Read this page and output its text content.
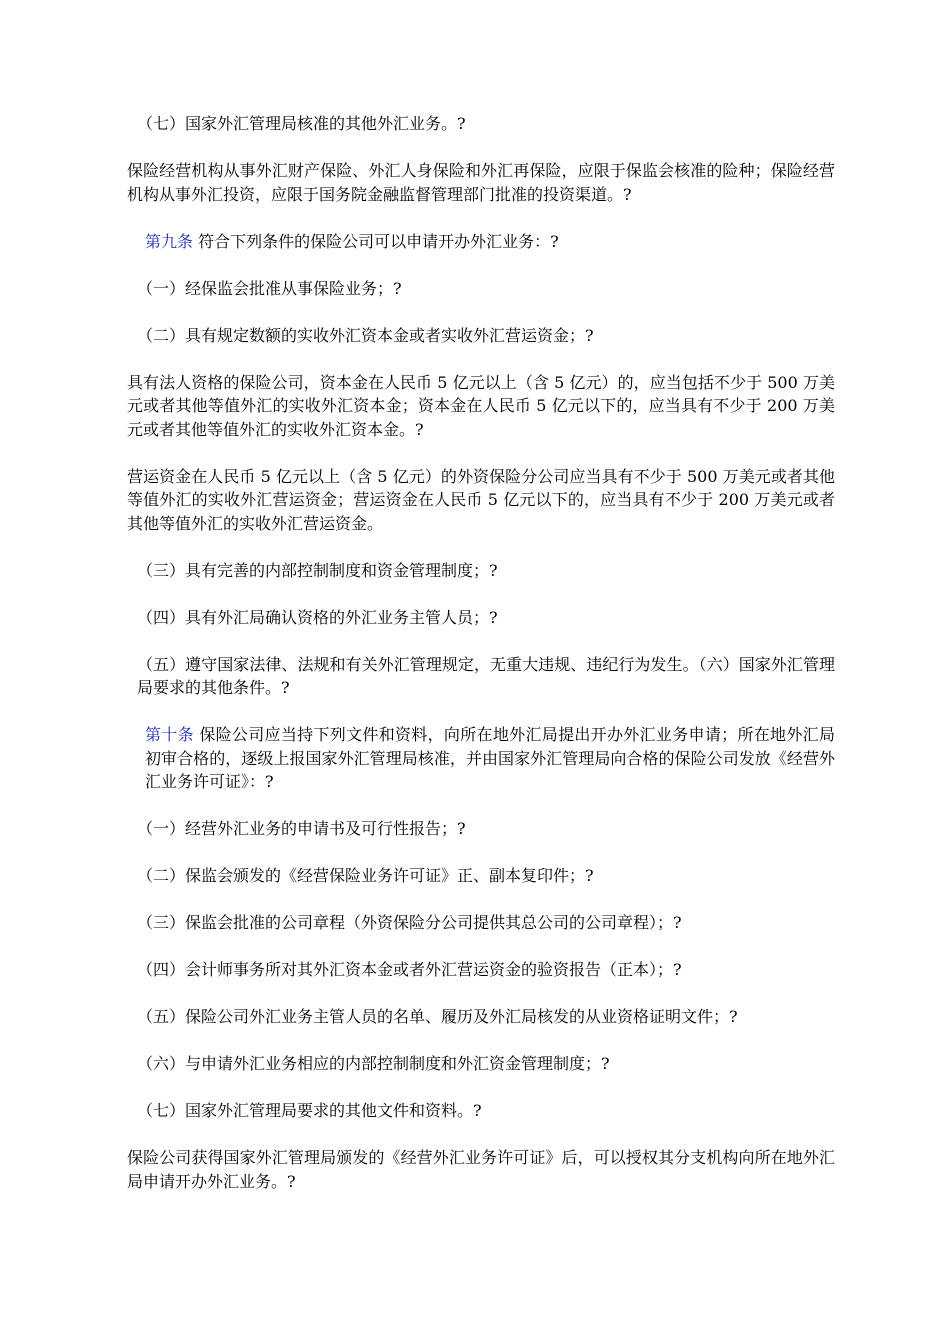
（七）国家外汇管理局核准的其他外汇业务。?

保险经营机构从事外汇财产保险、外汇人身保险和外汇再保险，应限于保监会核准的险种；保险经营机构从事外汇投资，应限于国务院金融监督管理部门批准的投资渠道。?

第九条 符合下列条件的保险公司可以申请开办外汇业务：?

（一）经保监会批准从事保险业务；?

（二）具有规定数额的实收外汇资本金或者实收外汇营运资金；?

具有法人资格的保险公司，资本金在人民币 5 亿元以上（含 5 亿元）的，应当包括不少于 500 万美元或者其他等值外汇的实收外汇资本金；资本金在人民币 5 亿元以下的，应当具有不少于 200 万美元或者其他等值外汇的实收外汇资本金。?

营运资金在人民币 5 亿元以上（含 5 亿元）的外资保险分公司应当具有不少于 500 万美元或者其他等值外汇的实收外汇营运资金；营运资金在人民币 5 亿元以下的，应当具有不少于 200 万美元或者其他等值外汇的实收外汇营运资金。

（三）具有完善的内部控制制度和资金管理制度；?

（四）具有外汇局确认资格的外汇业务主管人员；?

（五）遵守国家法律、法规和有关外汇管理规定，无重大违规、违纪行为发生。（六）国家外汇管理局要求的其他条件。?

第十条 保险公司应当持下列文件和资料，向所在地外汇局提出开办外汇业务申请；所在地外汇局初审合格的，逐级上报国家外汇管理局核准，并由国家外汇管理局向合格的保险公司发放《经营外汇业务许可证》：?

（一）经营外汇业务的申请书及可行性报告；?

（二）保监会颁发的《经营保险业务许可证》正、副本复印件；?

（三）保监会批准的公司章程（外资保险分公司提供其总公司的公司章程）；?

（四）会计师事务所对其外汇资本金或者外汇营运资金的验资报告（正本）；?

（五）保险公司外汇业务主管人员的名单、履历及外汇局核发的从业资格证明文件；?

（六）与申请外汇业务相应的内部控制制度和外汇资金管理制度；?

（七）国家外汇管理局要求的其他文件和资料。?

保险公司获得国家外汇管理局颁发的《经营外汇业务许可证》后，可以授权其分支机构向所在地外汇局申请开办外汇业务。?
